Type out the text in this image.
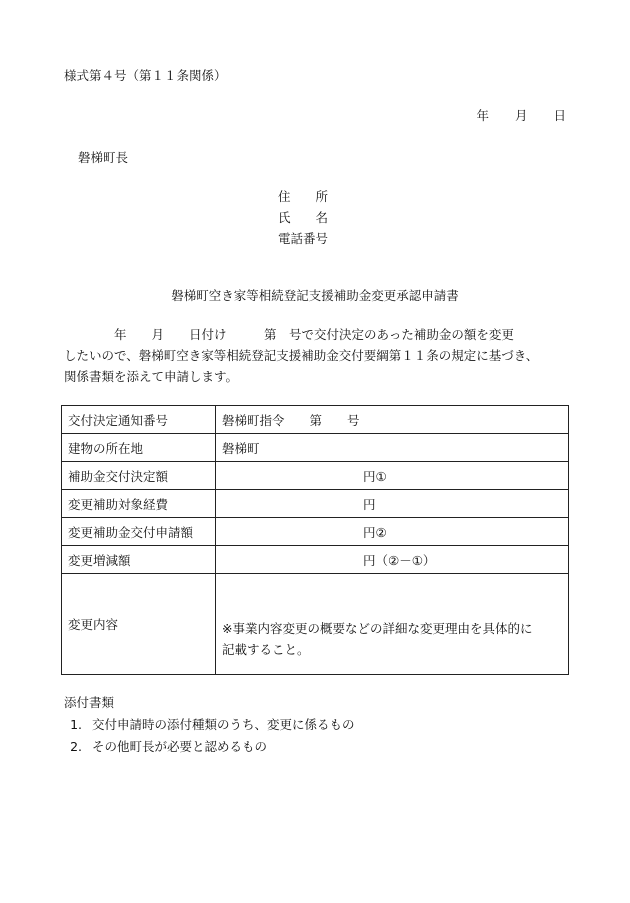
様式第４号（第１１条関係）
年 月 日
磐梯町長
住　　所
氏　　名
電話番号
磐梯町空き家等相続登記支援補助金変更承認申請書
　　　　年　　月　　日付け　　　第　号で交付決定のあった補助金の額を変更
したいので、磐梯町空き家等相続登記支援補助金交付要綱第１１条の規定に基づき、
関係書類を添えて申請します。
交付決定通知番号	磐梯町指令　　第　　号
建物の所在地	磐梯町
補助金交付決定額	円①
変更補助対象経費	円
変更補助金交付申請額	円②
変更増減額	円（②－①）
変更内容	※事業内容変更の概要などの詳細な変更理由を具体的に
記載すること。
添付書類
1. 交付申請時の添付種類のうち、変更に係るもの
2. その他町長が必要と認めるもの
